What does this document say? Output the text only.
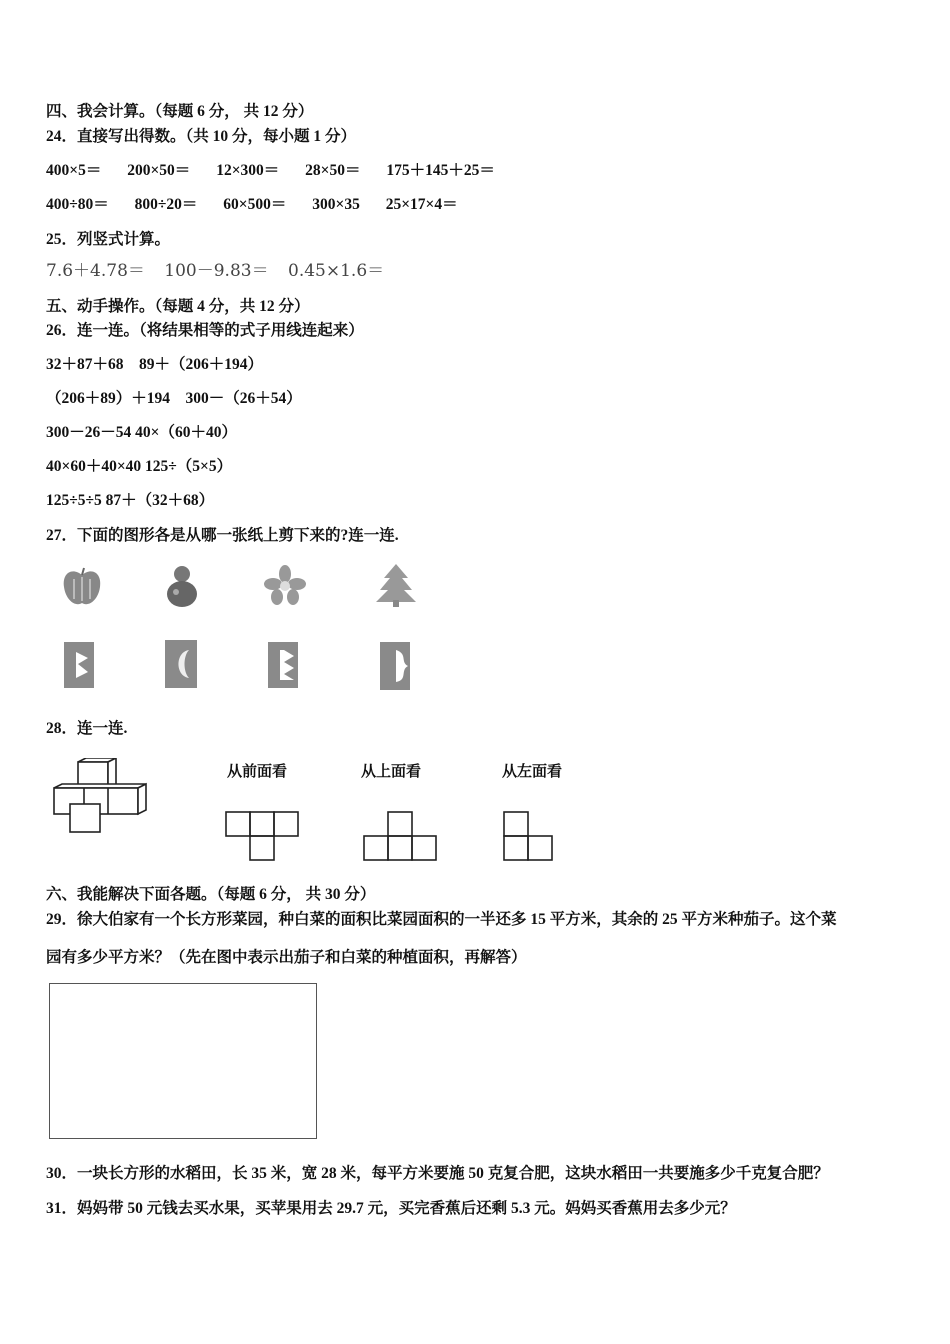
四、我会计算。（每题 6 分， 共 12 分）
24．直接写出得数。（共 10 分，每小题 1 分）
400×5＝ 200×50＝ 12×300＝ 28×50＝ 175＋145＋25＝
400÷80＝ 800÷20＝ 60×500＝ 300×35 25×17×4＝
25．列竖式计算。
7.6＋4.78＝ 100－9.83＝ 0.45×1.6＝
五、动手操作。（每题 4 分，共 12 分）
26．连一连。（将结果相等的式子用线连起来）
32＋87＋68　89＋（206＋194）
（206＋89）＋194　300－（26＋54）
300－26－54 40×（60＋40）
40×60＋40×40 125÷（5×5）
125÷5÷5 87＋（32＋68）
27．下面的图形各是从哪一张纸上剪下来的?连一连.
28．连一连.
从前面看	从上面看	从左面看
六、我能解决下面各题。（每题 6 分， 共 30 分）
29．徐大伯家有一个长方形菜园，种白菜的面积比菜园面积的一半还多 15 平方米，其余的 25 平方米种茄子。这个菜
园有多少平方米？（先在图中表示出茄子和白菜的种植面积，再解答）
30．一块长方形的水稻田，长 35 米，宽 28 米，每平方米要施 50 克复合肥，这块水稻田一共要施多少千克复合肥？
31．妈妈带 50 元钱去买水果，买苹果用去 29.7 元，买完香蕉后还剩 5.3 元。妈妈买香蕉用去多少元？
